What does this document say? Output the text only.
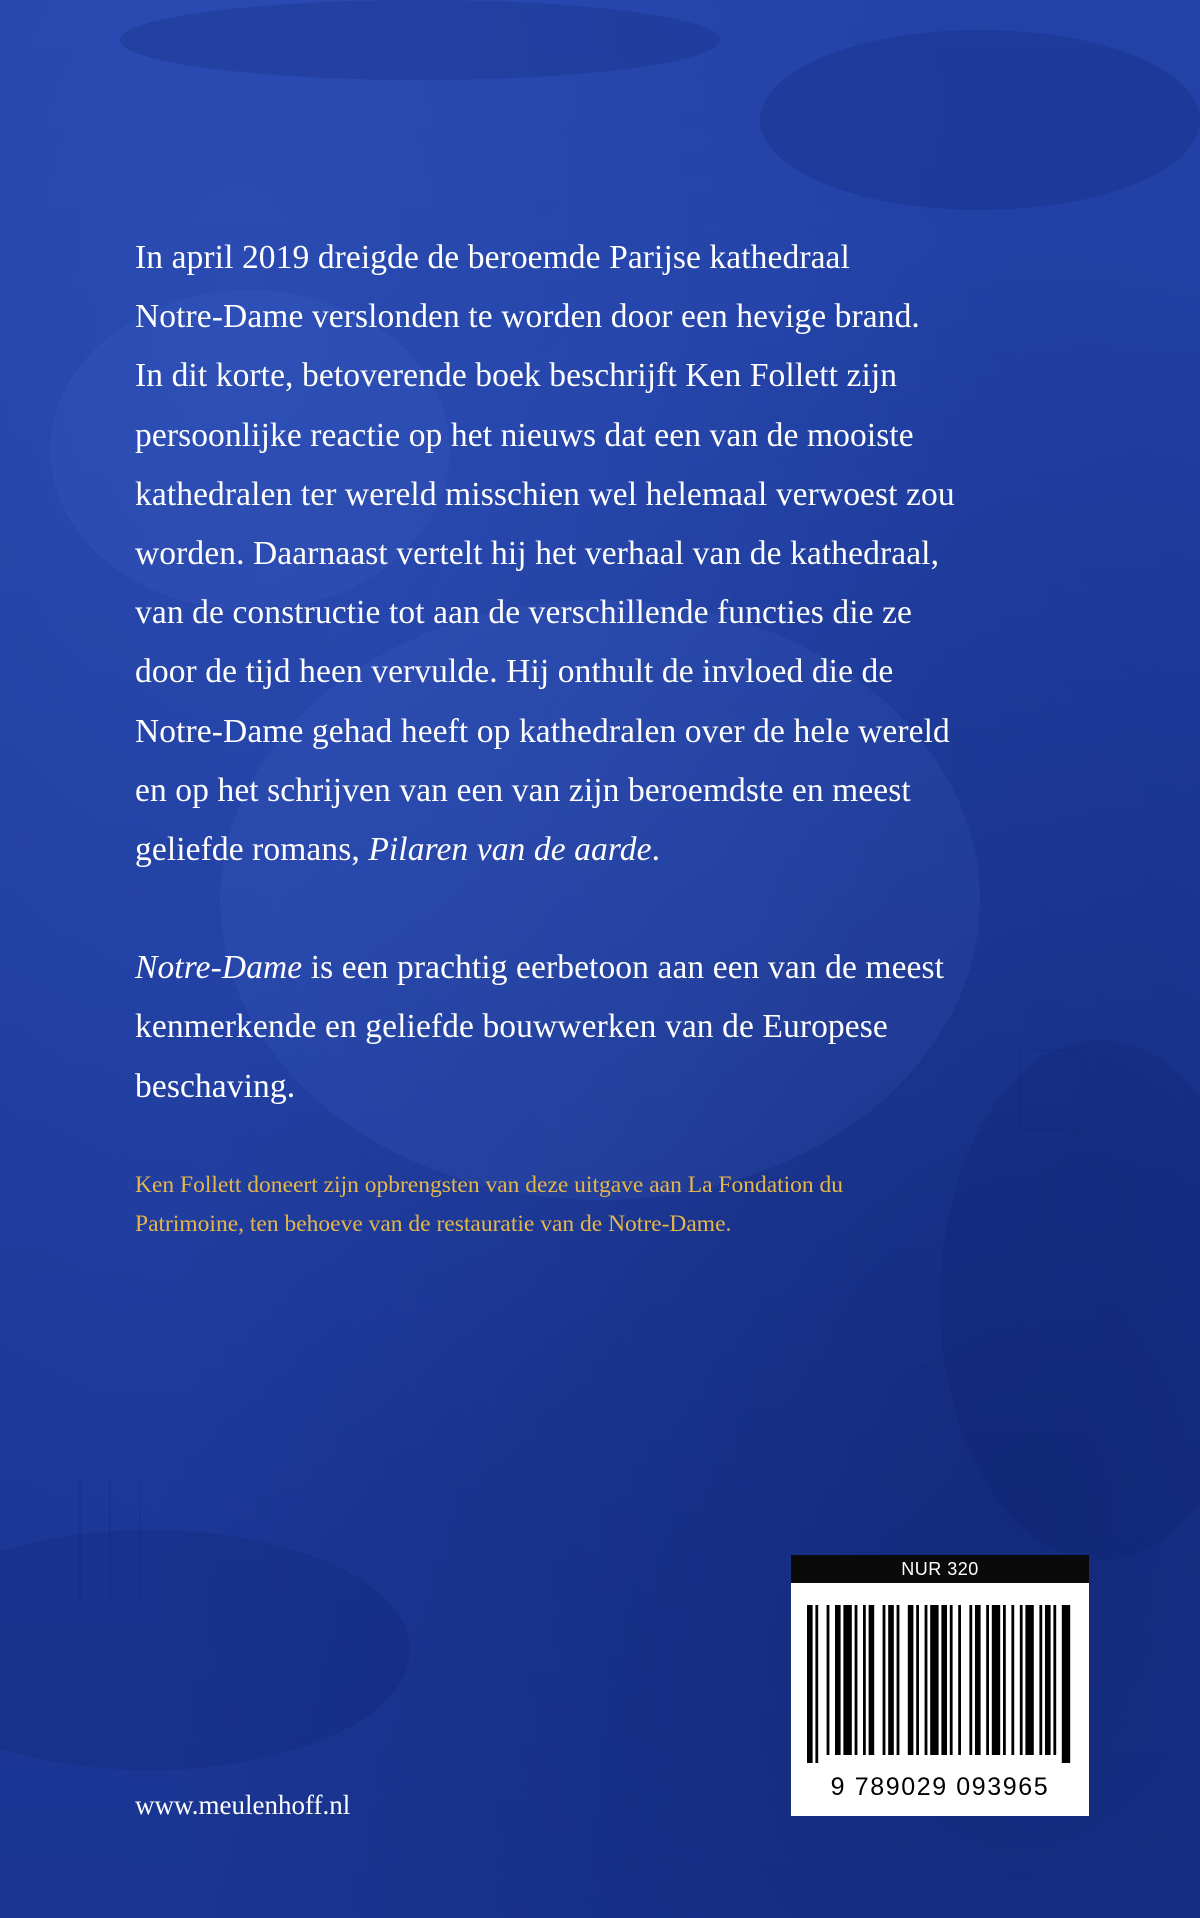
In april 2019 dreigde de beroemde Parijse kathedraal
Notre-Dame verslonden te worden door een hevige brand.
In dit korte, betoverende boek beschrijft Ken Follett zijn
persoonlijke reactie op het nieuws dat een van de mooiste
kathedralen ter wereld misschien wel helemaal verwoest zou
worden. Daarnaast vertelt hij het verhaal van de kathedraal,
van de constructie tot aan de verschillende functies die ze
door de tijd heen vervulde. Hij onthult de invloed die de
Notre-Dame gehad heeft op kathedralen over de hele wereld
en op het schrijven van een van zijn beroemdste en meest
geliefde romans, Pilaren van de aarde.

Notre-Dame is een prachtig eerbetoon aan een van de meest
kenmerkende en geliefde bouwwerken van de Europese
beschaving.

Ken Follett doneert zijn opbrengsten van deze uitgave aan La Fondation du
Patrimoine, ten behoeve van de restauratie van de Notre-Dame.

www.meulenhoff.nl

NUR 320
9 789029 093965
